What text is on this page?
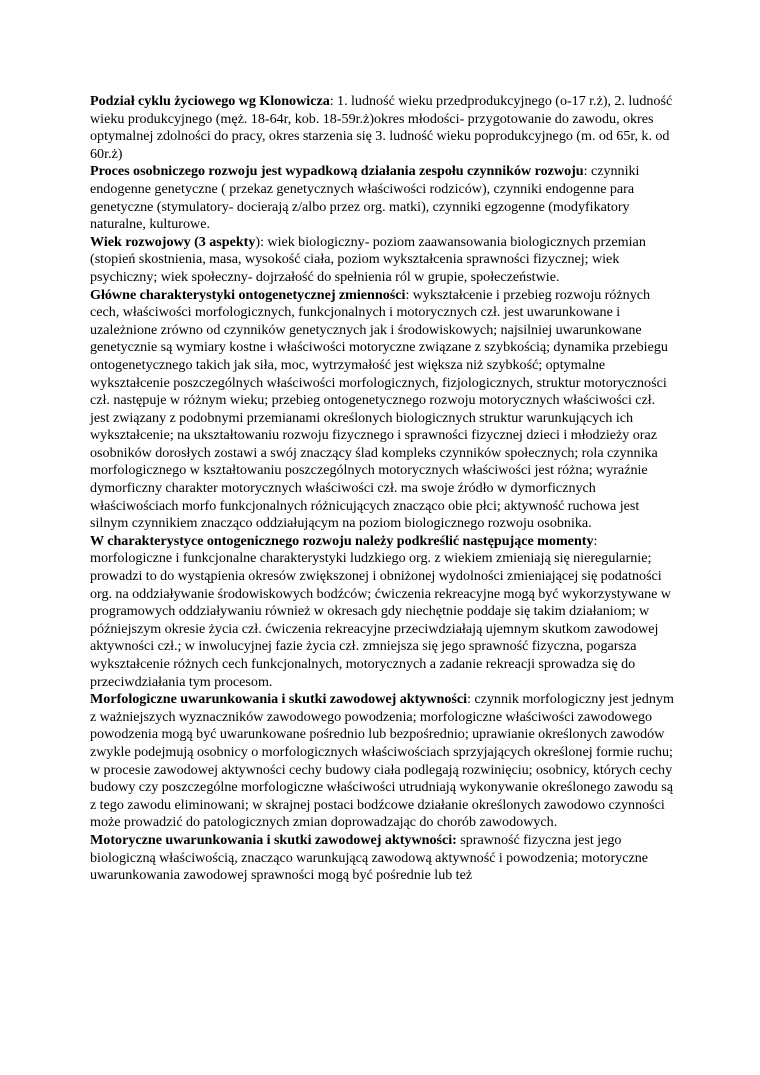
Podział cyklu życiowego wg Klonowicza: 1. ludność wieku przedprodukcyjnego (o-17 r.ż), 2. ludność wieku produkcyjnego (męż. 18-64r, kob. 18-59r.ż)okres młodości- przygotowanie do zawodu, okres optymalnej zdolności do pracy, okres starzenia się 3. ludność wieku poprodukcyjnego (m. od 65r, k. od 60r.ż)

Proces osobniczego rozwoju jest wypadkową działania zespołu czynników rozwoju: czynniki endogenne genetyczne ( przekaz genetycznych właściwości rodziców), czynniki endogenne para genetyczne (stymulatory- docierają z/albo przez org. matki), czynniki egzogenne (modyfikatory naturalne, kulturowe.

Wiek rozwojowy (3 aspekty): wiek biologiczny- poziom zaawansowania biologicznych przemian (stopień skostnienia, masa, wysokość ciała, poziom wykształcenia sprawności fizycznej; wiek psychiczny; wiek społeczny- dojrzałość do spełnienia ról w grupie, społeczeństwie.

Główne charakterystyki ontogenetycznej zmienności: wykształcenie i przebieg rozwoju różnych cech, właściwości morfologicznych, funkcjonalnych i motorycznych czł. jest uwarunkowane i uzależnione zrówno od czynników genetycznych jak i środowiskowych; najsilniej uwarunkowane genetycznie są wymiary kostne i właściwości motoryczne związane z szybkością; dynamika przebiegu ontogenetycznego takich jak siła, moc, wytrzymałość jest większa niż szybkość; optymalne wykształcenie poszczególnych właściwości morfologicznych, fizjologicznych, struktur motoryczności czł. następuje w różnym wieku; przebieg ontogenetycznego rozwoju motorycznych właściwości czł. jest związany z podobnymi przemianami określonych biologicznych struktur warunkujących ich wykształcenie; na ukształtowaniu rozwoju fizycznego i sprawności fizycznej dzieci i młodzieży oraz osobników dorosłych zostawi a swój znaczący ślad kompleks czynników społecznych; rola czynnika morfologicznego w kształtowaniu poszczególnych motorycznych właściwości jest różna; wyraźnie dymorficzny charakter motorycznych właściwości czł. ma swoje źródło w dymorficznych właściwościach morfo funkcjonalnych różnicujących znacząco obie płci; aktywność ruchowa jest silnym czynnikiem znacząco oddziałującym na poziom biologicznego rozwoju osobnika.

W charakterystyce ontogenicznego rozwoju należy podkreślić następujące momenty: morfologiczne i funkcjonalne charakterystyki ludzkiego org. z wiekiem zmieniają się nieregularnie; prowadzi to do wystąpienia okresów zwiększonej i obniżonej wydolności zmieniającej się podatności org. na oddziaływanie środowiskowych bodźców; ćwiczenia rekreacyjne mogą być wykorzystywane w programowych oddziaływaniu również w okresach gdy niechętnie poddaje się takim działaniom; w późniejszym okresie życia czł. ćwiczenia rekreacyjne przeciwdziałają ujemnym skutkom zawodowej aktywności czł.; w inwolucyjnej fazie życia czł. zmniejsza się jego sprawność fizyczna, pogarsza wykształcenie różnych cech funkcjonalnych, motorycznych a zadanie rekreacji sprowadza się do przeciwdziałania tym procesom.

Morfologiczne uwarunkowania i skutki zawodowej aktywności: czynnik morfologiczny jest jednym z ważniejszych wyznaczników zawodowego powodzenia; morfologiczne właściwości zawodowego powodzenia mogą być uwarunkowane pośrednio lub bezpośrednio; uprawianie określonych zawodów zwykle podejmują osobnicy o morfologicznych właściwościach sprzyjających określonej formie ruchu; w procesie zawodowej aktywności cechy budowy ciała podlegają rozwinięciu; osobnicy, których cechy budowy czy poszczególne morfologiczne właściwości utrudniają wykonywanie określonego zawodu są z tego zawodu eliminowani; w skrajnej postaci bodźcowe działanie określonych zawodowo czynności może prowadzić do patologicznych zmian doprowadzając do chorób zawodowych.

Motoryczne uwarunkowania i skutki zawodowej aktywności: sprawność fizyczna jest jego biologiczną właściwością, znacząco warunkującą zawodową aktywność i powodzenia; motoryczne uwarunkowania zawodowej sprawności mogą być pośrednie lub też
